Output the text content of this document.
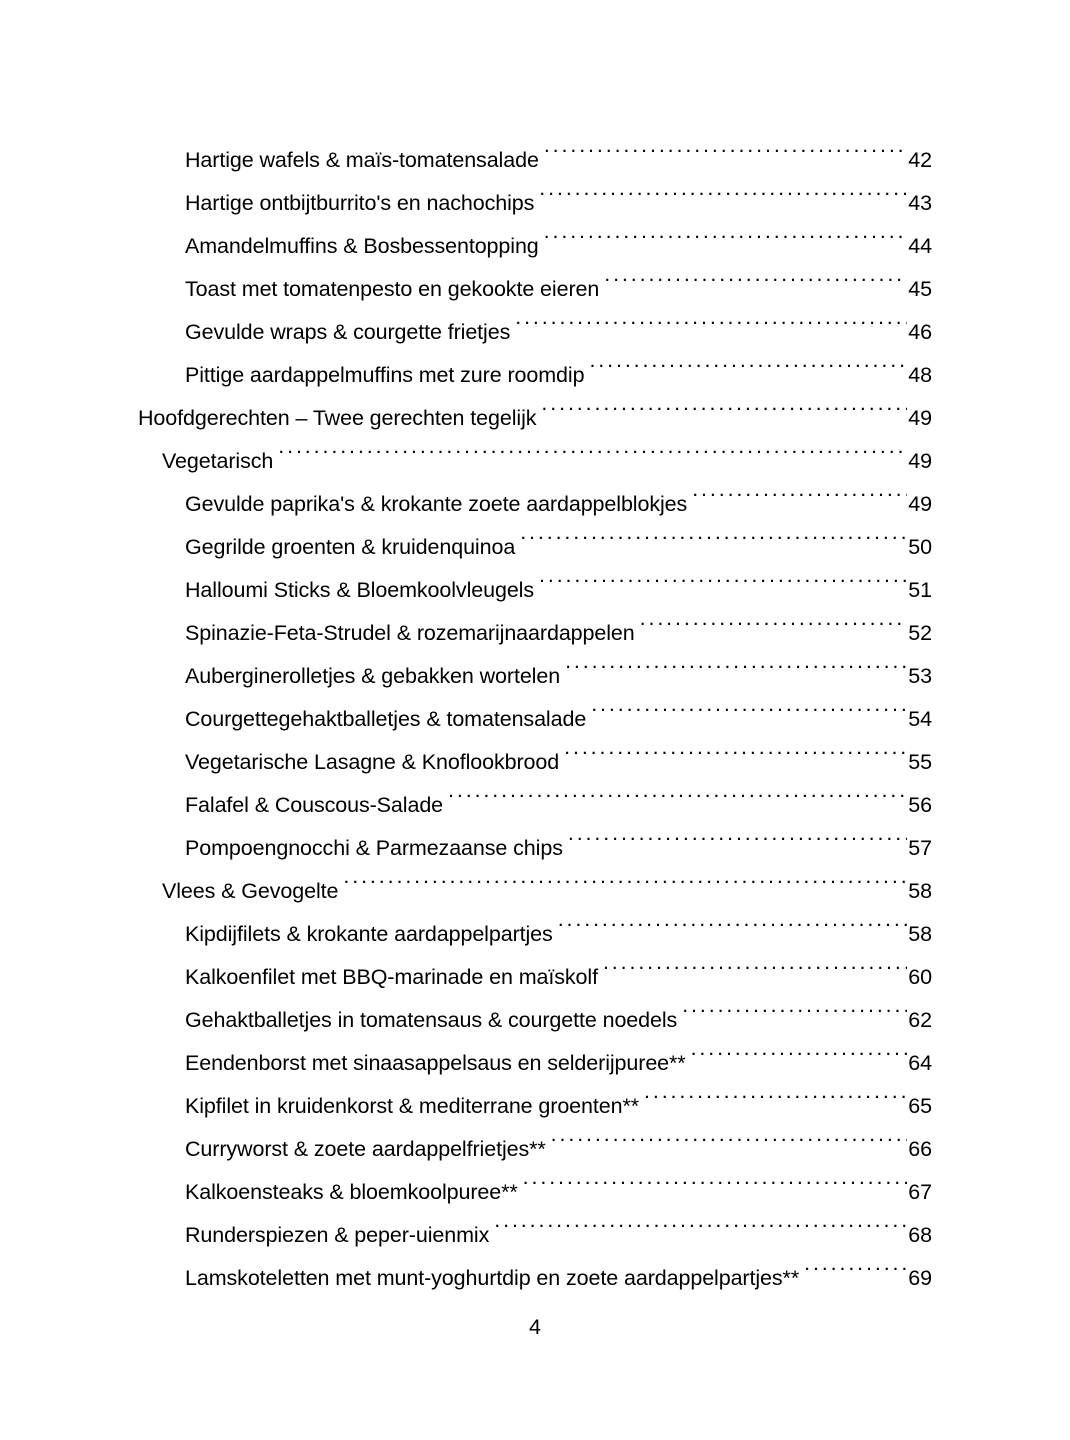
Hartige wafels & maïs-tomatensalade . . .	42
Hartige ontbijtburrito's en nachochips . . .	43
Amandelmuffins & Bosbessentopping . . .	44
Toast met tomatenpesto en gekookte eieren . . .	45
Gevulde wraps & courgette frietjes . . .	46
Pittige aardappelmuffins met zure roomdip . . .	48
Hoofdgerechten – Twee gerechten tegelijk . . .	49
Vegetarisch . . .	49
Gevulde paprika's & krokante zoete aardappelblokjes . . .	49
Gegrilde groenten & kruidenquinoa . . .	50
Halloumi Sticks & Bloemkoolvleugels . . .	51
Spinazie-Feta-Strudel & rozemarijnaardappelen . . .	52
Auberginerolletjes & gebakken wortelen . . .	53
Courgettegehaktballetjes & tomatensalade . . .	54
Vegetarische Lasagne & Knoflookbrood . . .	55
Falafel & Couscous-Salade . . .	56
Pompoengnocchi & Parmezaanse chips . . .	57
Vlees & Gevogelte . . .	58
Kipdijfilets & krokante aardappelpartjes . . .	58
Kalkoenfilet met BBQ-marinade en maïskolf . . .	60
Gehaktballetjes in tomatensaus & courgette noedels . . .	62
Eendenborst met sinaasappelsaus en selderijpuree** . . .	64
Kipfilet in kruidenkorst & mediterrane groenten** . . .	65
Curryworst & zoete aardappelfrietjes** . . .	66
Kalkoensteaks & bloemkoolpuree** . . .	67
Runderspiezen & peper-uienmix . . .	68
Lamskoteletten met munt-yoghurtdip en zoete aardappelpartjes** . . .	69
4
